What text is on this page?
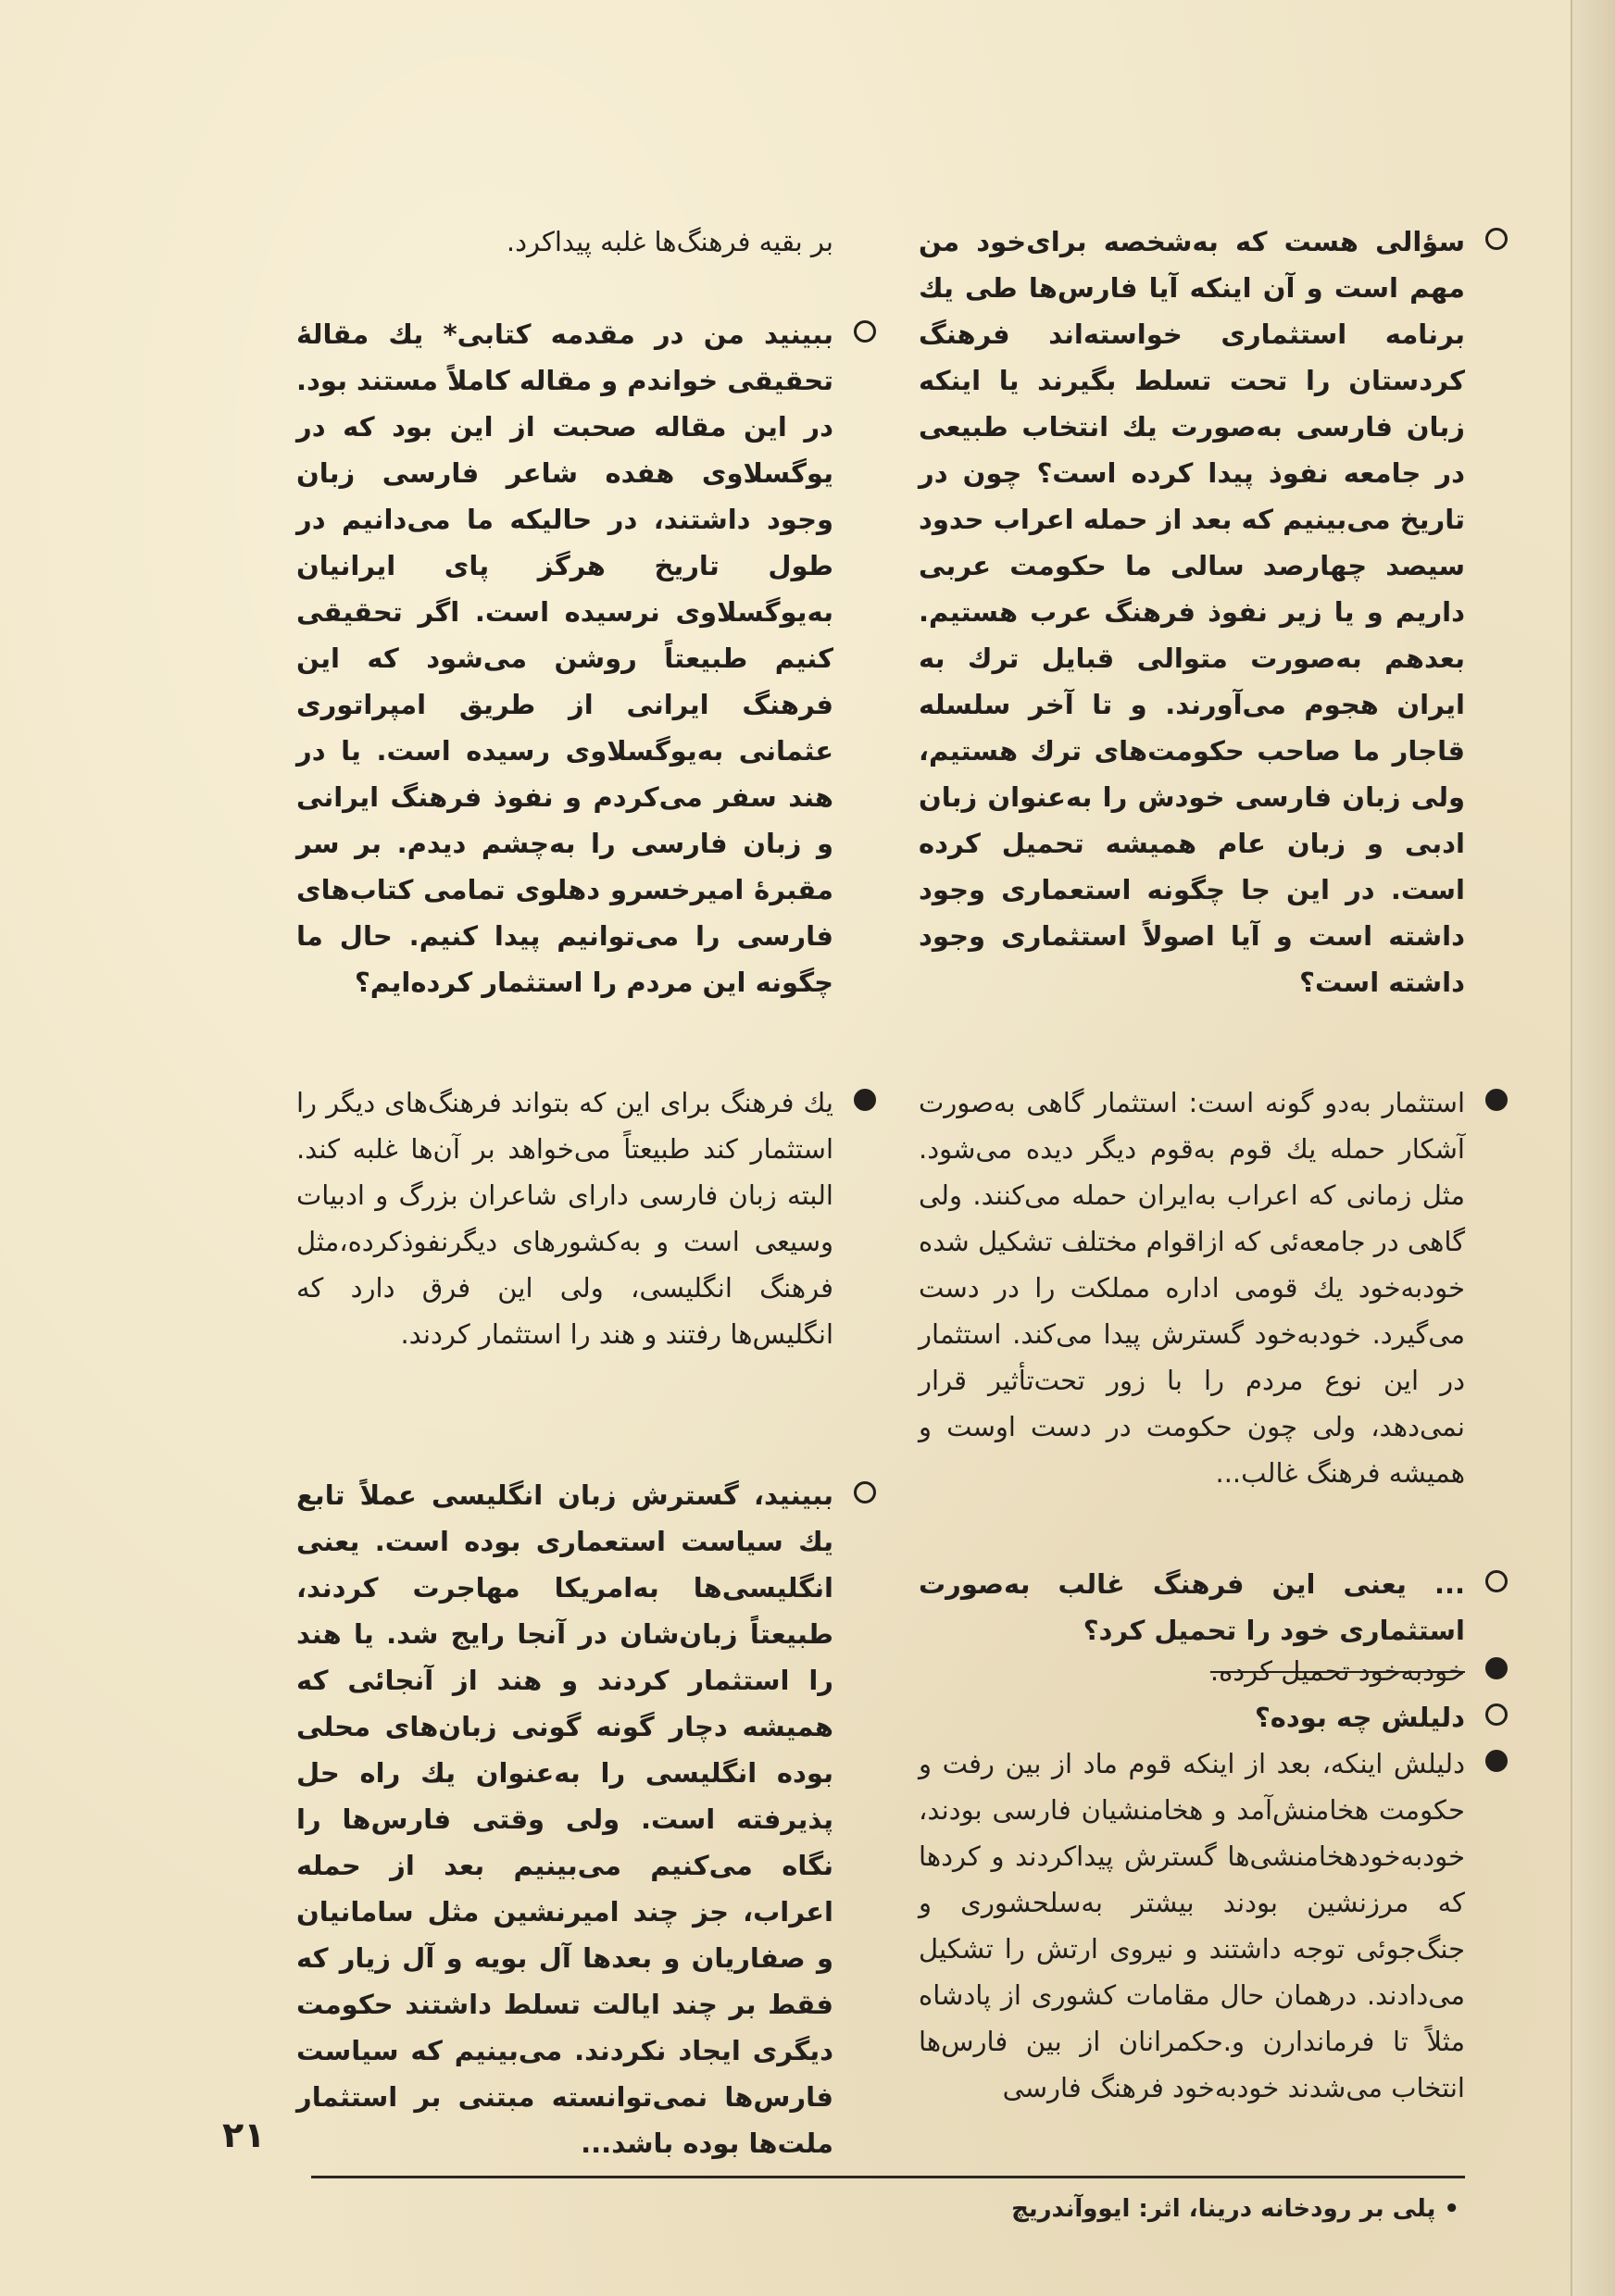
سؤالی هست که به‌شخصه برای‌خود من مهم است و آن اینکه آیا فارس‌ها طی یك برنامه استثماری خواسته‌اند فرهنگ کردستان را تحت تسلط بگیرند یا اینکه زبان فارسی به‌صورت یك انتخاب طبیعی در جامعه نفوذ پیدا کرده است؟ چون در تاریخ می‌بینیم که بعد از حمله اعراب حدود سیصد چهارصد سالی ما حکومت عربی داریم و یا زیر نفوذ فرهنگ عرب هستیم. بعدهم به‌صورت متوالی قبایل ترك به ایران هجوم می‌آورند. و تا آخر سلسله قاجار ما صاحب حکومت‌های ترك هستیم، ولی زبان فارسی خودش را به‌عنوان زبان ادبی و زبان عام همیشه تحمیل کرده است. در این جا چگونه استعماری وجود داشته است و آیا اصولاً استثماری وجود داشته است؟
استثمار به‌دو گونه است: استثمار گاهی به‌صورت آشکار حمله یك قوم به‌قوم دیگر دیده می‌شود. مثل زمانی که اعراب به‌ایران حمله می‌کنند. ولی گاهی در جامعه‌ئی که ازاقوام مختلف تشکیل شده خودبه‌خود یك قومی اداره مملکت را در دست می‌گیرد. خودبه‌خود گسترش پیدا می‌کند. استثمار در این نوع مردم را با زور تحت‌تأثیر قرار نمی‌دهد، ولی چون حکومت در دست اوست و همیشه فرهنگ غالب...
... یعنی این فرهنگ غالب به‌صورت استثماری خود را تحمیل کرد؟
خودبه‌خود تحمیل کرده.
دلیلش چه بوده؟
دلیلش اینکه، بعد از اینکه قوم ماد از بین رفت و حکومت هخامنش‌آمد و هخامنشیان فارسی بودند، خودبه‌خودهخامنشی‌ها گسترش پیداکردند و کردها که مرزنشین بودند بیشتر به‌سلحشوری و جنگ‌جوئی توجه داشتند و نیروی ارتش را تشکیل می‌دادند. درهمان حال مقامات کشوری از پادشاه مثلاً تا فرماندارن و.حکمرانان از بین فارس‌ها انتخاب می‌شدند خودبه‌خود فرهنگ فارسی
بر بقیه فرهنگ‌ها غلبه پیداکرد.
ببینید من در مقدمه کتابی* یك مقالهٔ تحقیقی خواندم و مقاله کاملاً مستند بود. در این مقاله صحبت از این بود که در یوگسلاوی هفده شاعر فارسی زبان وجود داشتند، در حالیکه ما می‌دانیم در طول تاریخ هرگز پای ایرانیان به‌یوگسلاوی نرسیده است. اگر تحقیقی کنیم طبیعتاً روشن می‌شود که این فرهنگ ایرانی از طریق امپراتوری عثمانی به‌یوگسلاوی رسیده است. یا در هند سفر می‌کردم و نفوذ فرهنگ ایرانی و زبان فارسی را به‌چشم دیدم. بر سر مقبرهٔ امیرخسرو دهلوی تمامی کتاب‌های فارسی را می‌توانیم پیدا کنیم. حال ما چگونه این مردم را استثمار کرده‌ایم؟
یك فرهنگ برای این که بتواند فرهنگ‌های دیگر را استثمار کند طبیعتاً می‌خواهد بر آن‌ها غلبه کند. البته زبان فارسی دارای شاعران بزرگ و ادبیات وسیعی است و به‌کشورهای دیگرنفوذکرده،مثل فرهنگ انگلیسی، ولی این فرق دارد که انگلیس‌ها رفتند و هند را استثمار کردند.
ببینید، گسترش زبان انگلیسی عملاً تابع یك سیاست استعماری بوده است. یعنی انگلیسی‌ها به‌امریکا مهاجرت کردند، طبیعتاً زبان‌شان در آنجا رایج شد. یا هند را استثمار کردند و هند از آنجائی که همیشه دچار گونه گونی زبان‌های محلی بوده انگلیسی را به‌عنوان یك راه حل پذیرفته است. ولی وقتی فارس‌ها را نگاه می‌کنیم می‌بینیم بعد از حمله اعراب، جز چند امیرنشین مثل سامانیان و صفاریان و بعدها آل بویه و آل زیار که فقط بر چند ایالت تسلط داشتند حکومت دیگری ایجاد نکردند. می‌بینیم که سیاست فارس‌ها نمی‌توانسته مبتنی بر استثمار ملت‌ها بوده باشد...
۲۱
• پلی بر رودخانه درینا، اثر: ایوو‌آندریچ
